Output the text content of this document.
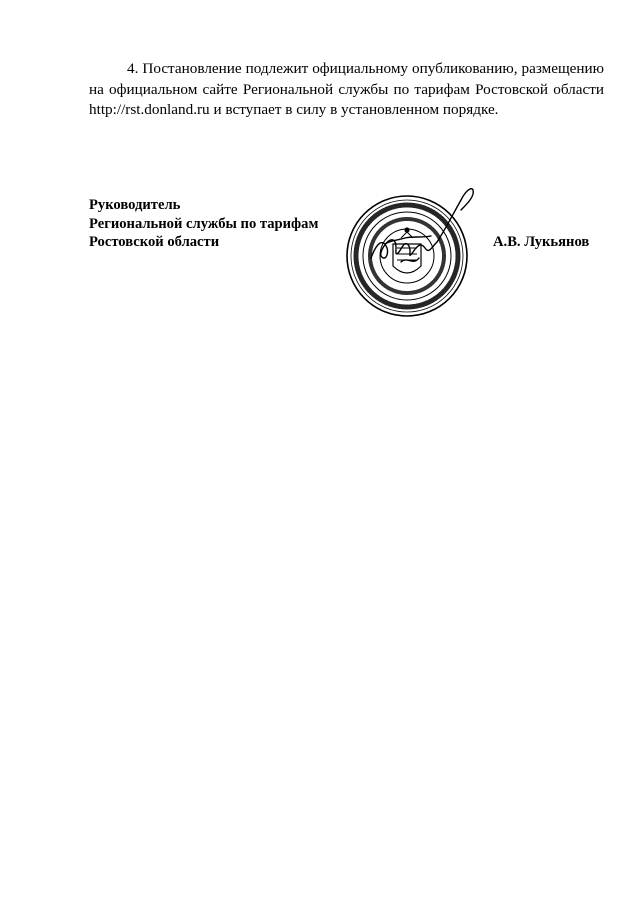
4. Постановление подлежит официальному опубликованию, размещению на официальном сайте Региональной службы по тарифам Ростовской области http://rst.donland.ru и вступает в силу в установленном порядке.

Руководитель
Региональной службы по тарифам
Ростовской области	А.В. Лукьянов
